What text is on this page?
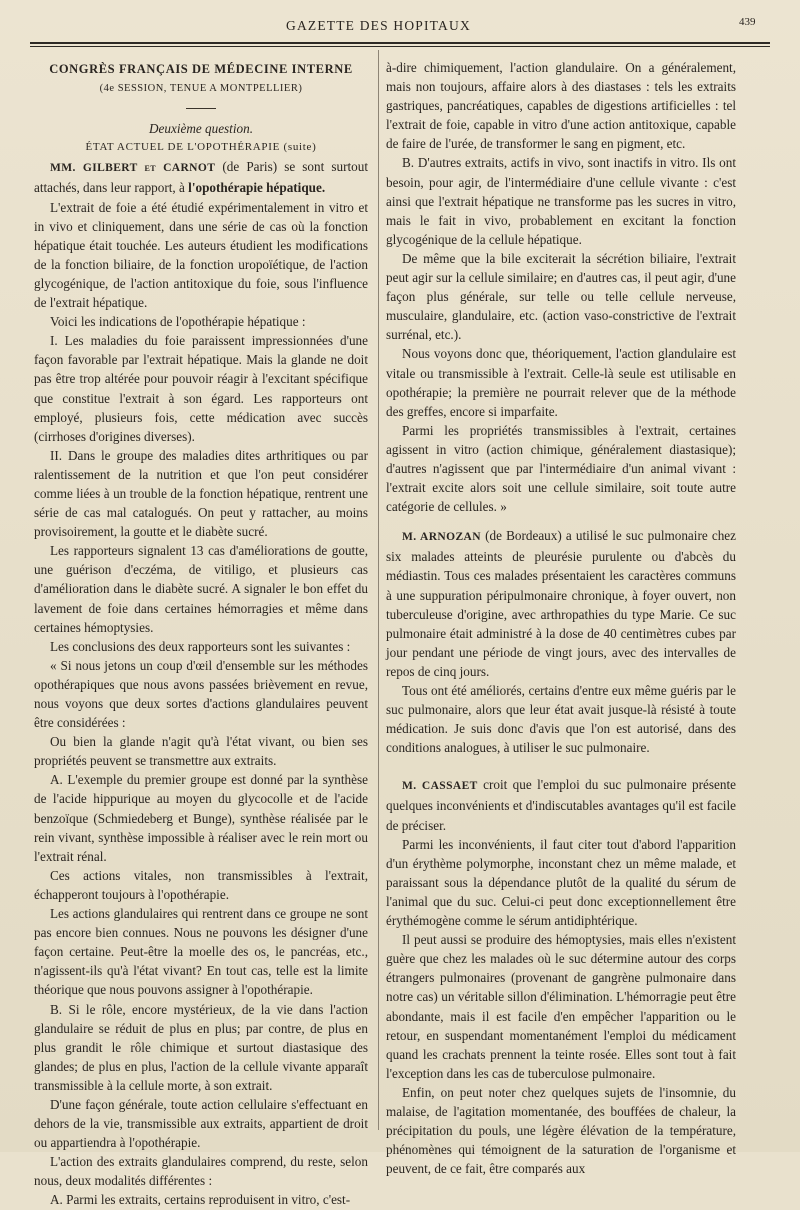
GAZETTE DES HOPITAUX	439

CONGRÈS FRANÇAIS DE MÉDECINE INTERNE

(4e SESSION, TENUE A MONTPELLIER)

Deuxième question.

ÉTAT ACTUEL DE L'OPOTHÉRAPIE (suite)

MM. GILBERT et CARNOT (de Paris) se sont surtout attachés, dans leur rapport, à l'opothérapie hépatique.

L'extrait de foie a été étudié expérimentalement in vitro et in vivo et cliniquement, dans une série de cas où la fonction hépatique était touchée. Les auteurs étudient les modifications de la fonction biliaire, de la fonction uropoïétique, de l'action glycogénique, de l'action antitoxique du foie, sous l'influence de l'extrait hépatique.

Voici les indications de l'opothérapie hépatique :

I. Les maladies du foie paraissent impressionnées d'une façon favorable par l'extrait hépatique. Mais la glande ne doit pas être trop altérée pour pouvoir réagir à l'excitant spécifique que constitue l'extrait à son égard. Les rapporteurs ont employé, plusieurs fois, cette médication avec succès (cirrhoses d'origines diverses).

II. Dans le groupe des maladies dites arthritiques ou par ralentissement de la nutrition et que l'on peut considérer comme liées à un trouble de la fonction hépatique, rentrent une série de cas mal catalogués. On peut y rattacher, au moins provisoirement, la goutte et le diabète sucré.

Les rapporteurs signalent 13 cas d'améliorations de goutte, une guérison d'eczéma, de vitiligo, et plusieurs cas d'amélioration dans le diabète sucré. A signaler le bon effet du lavement de foie dans certaines hémorragies et même dans certaines hémoptysies.

Les conclusions des deux rapporteurs sont les suivantes :

« Si nous jetons un coup d'œil d'ensemble sur les méthodes opothérapiques que nous avons passées brièvement en revue, nous voyons que deux sortes d'actions glandulaires peuvent être considérées :

Ou bien la glande n'agit qu'à l'état vivant, ou bien ses propriétés peuvent se transmettre aux extraits.

A. L'exemple du premier groupe est donné par la synthèse de l'acide hippurique au moyen du glycocolle et de l'acide benzoïque (Schmiedeberg et Bunge), synthèse réalisée par le rein vivant, synthèse impossible à réaliser avec le rein mort ou l'extrait rénal.

Ces actions vitales, non transmissibles à l'extrait, échapperont toujours à l'opothérapie.

Les actions glandulaires qui rentrent dans ce groupe ne sont pas encore bien connues. Nous ne pouvons les désigner d'une façon certaine. Peut-être la moelle des os, le pancréas, etc., n'agissent-ils qu'à l'état vivant? En tout cas, telle est la limite théorique que nous pouvons assigner à l'opothérapie.

B. Si le rôle, encore mystérieux, de la vie dans l'action glandulaire se réduit de plus en plus; par contre, de plus en plus grandit le rôle chimique et surtout diastasique des glandes; de plus en plus, l'action de la cellule vivante apparaît transmissible à la cellule morte, à son extrait.

D'une façon générale, toute action cellulaire s'effectuant en dehors de la vie, transmissible aux extraits, appartient de droit ou appartiendra à l'opothérapie.

L'action des extraits glandulaires comprend, du reste, selon nous, deux modalités différentes :

A. Parmi les extraits, certains reproduisent in vitro, c'est-

à-dire chimiquement, l'action glandulaire. On a généralement, mais non toujours, affaire alors à des diastases : tels les extraits gastriques, pancréatiques, capables de digestions artificielles : tel l'extrait de foie, capable in vitro d'une action antitoxique, capable de faire de l'urée, de transformer le sang en pigment, etc.

B. D'autres extraits, actifs in vivo, sont inactifs in vitro. Ils ont besoin, pour agir, de l'intermédiaire d'une cellule vivante : c'est ainsi que l'extrait hépatique ne transforme pas les sucres in vitro, mais le fait in vivo, probablement en excitant la fonction glycogénique de la cellule hépatique.

De même que la bile exciterait la sécrétion biliaire, l'extrait peut agir sur la cellule similaire; en d'autres cas, il peut agir, d'une façon plus générale, sur telle ou telle cellule nerveuse, musculaire, glandulaire, etc. (action vaso-constrictive de l'extrait surrénal, etc.).

Nous voyons donc que, théoriquement, l'action glandulaire est vitale ou transmissible à l'extrait. Celle-là seule est utilisable en opothérapie; la première ne pourrait relever que de la méthode des greffes, encore si imparfaite.

Parmi les propriétés transmissibles à l'extrait, certaines agissent in vitro (action chimique, généralement diastasique); d'autres n'agissent que par l'intermédiaire d'un animal vivant : l'extrait excite alors soit une cellule similaire, soit toute autre catégorie de cellules. »

M. ARNOZAN (de Bordeaux) a utilisé le suc pulmonaire chez six malades atteints de pleurésie purulente ou d'abcès du médiastin. Tous ces malades présentaient les caractères communs à une suppuration péripulmonaire chronique, à foyer ouvert, non tuberculeuse d'origine, avec arthropathies du type Marie. Ce suc pulmonaire était administré à la dose de 40 centimètres cubes par jour pendant une période de vingt jours, avec des intervalles de repos de cinq jours.

Tous ont été améliorés, certains d'entre eux même guéris par le suc pulmonaire, alors que leur état avait jusque-là résisté à toute médication. Je suis donc d'avis que l'on est autorisé, dans des conditions analogues, à utiliser le suc pulmonaire.

M. CASSAET croit que l'emploi du suc pulmonaire présente quelques inconvénients et d'indiscutables avantages qu'il est facile de préciser.

Parmi les inconvénients, il faut citer tout d'abord l'apparition d'un érythème polymorphe, inconstant chez un même malade, et paraissant sous la dépendance plutôt de la qualité du sérum de l'animal que du suc. Celui-ci peut donc exceptionnellement être érythémogène comme le sérum antidiphtérique.

Il peut aussi se produire des hémoptysies, mais elles n'existent guère que chez les malades où le suc détermine autour des corps étrangers pulmonaires (provenant de gangrène pulmonaire dans notre cas) un véritable sillon d'élimination. L'hémorragie peut être abondante, mais il est facile d'en empêcher l'apparition ou le retour, en suspendant momentanément l'emploi du médicament quand les crachats prennent la teinte rosée. Elles sont tout à fait l'exception dans les cas de tuberculose pulmonaire.

Enfin, on peut noter chez quelques sujets de l'insomnie, du malaise, de l'agitation momentanée, des bouffées de chaleur, la précipitation du pouls, une légère élévation de la température, phénomènes qui témoignent de la saturation de l'organisme et peuvent, de ce fait, être comparés aux
